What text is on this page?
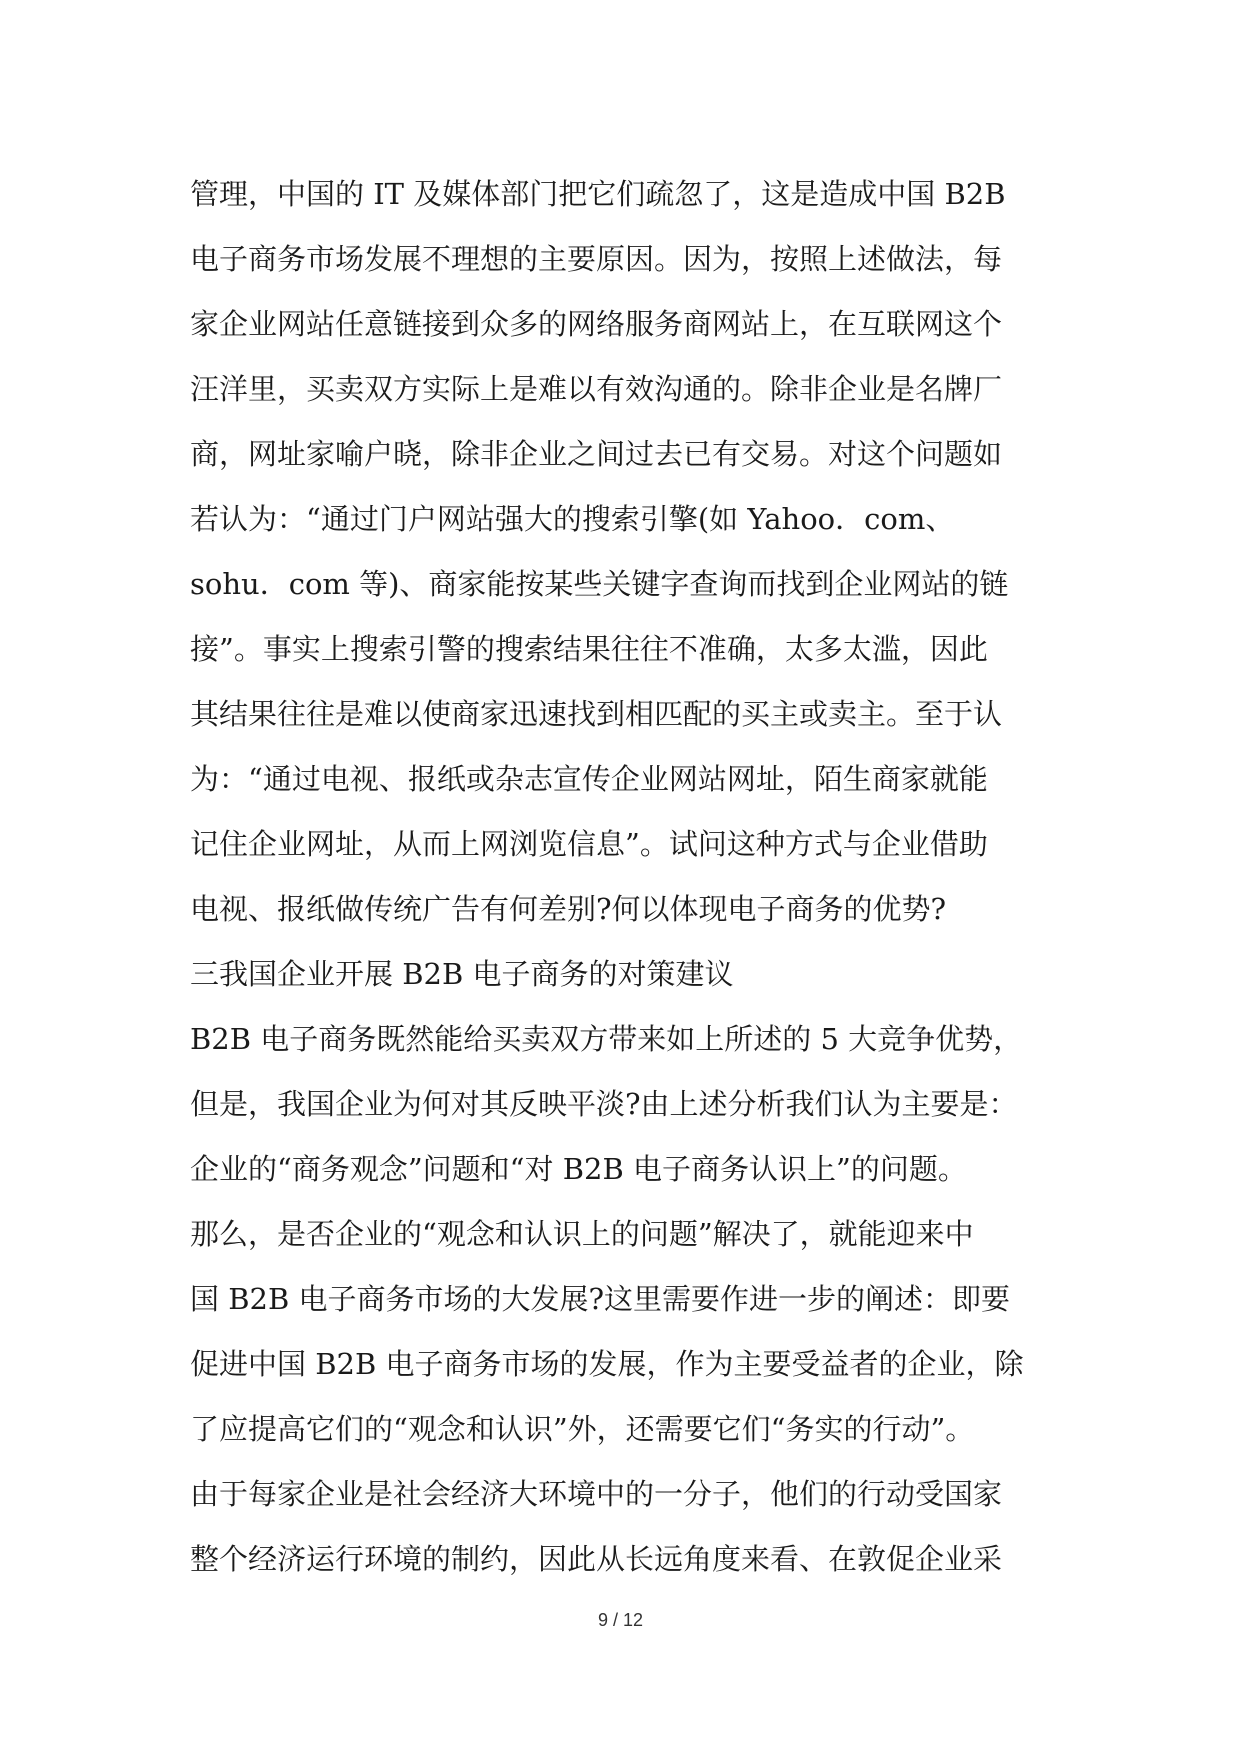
管理，中国的 IT 及媒体部门把它们疏忽了，这是造成中国 B2B
电子商务市场发展不理想的主要原因。因为，按照上述做法，每
家企业网站任意链接到众多的网络服务商网站上，在互联网这个
汪洋里，买卖双方实际上是难以有效沟通的。除非企业是名牌厂
商，网址家喻户晓，除非企业之间过去已有交易。对这个问题如
若认为：“通过门户网站强大的搜索引擎(如 Yahoo．com、
sohu．com 等)、商家能按某些关键字查询而找到企业网站的链
接”。事实上搜索引警的搜索结果往往不准确，太多太滥，因此
其结果往往是难以使商家迅速找到相匹配的买主或卖主。至于认
为：“通过电视、报纸或杂志宣传企业网站网址，陌生商家就能
记住企业网址，从而上网浏览信息”。试问这种方式与企业借助
电视、报纸做传统广告有何差别?何以体现电子商务的优势?
三我国企业开展 B2B 电子商务的对策建议
B2B 电子商务既然能给买卖双方带来如上所述的 5 大竞争优势，
但是，我国企业为何对其反映平淡?由上述分析我们认为主要是：
企业的“商务观念”问题和“对 B2B 电子商务认识上”的问题。
那么，是否企业的“观念和认识上的问题”解决了，就能迎来中
国 B2B 电子商务市场的大发展?这里需要作进一步的阐述：即要
促进中国 B2B 电子商务市场的发展，作为主要受益者的企业，除
了应提高它们的“观念和认识”外，还需要它们“务实的行动”。
由于每家企业是社会经济大环境中的一分子，他们的行动受国家
整个经济运行环境的制约，因此从长远角度来看、在敦促企业采
9 / 12
